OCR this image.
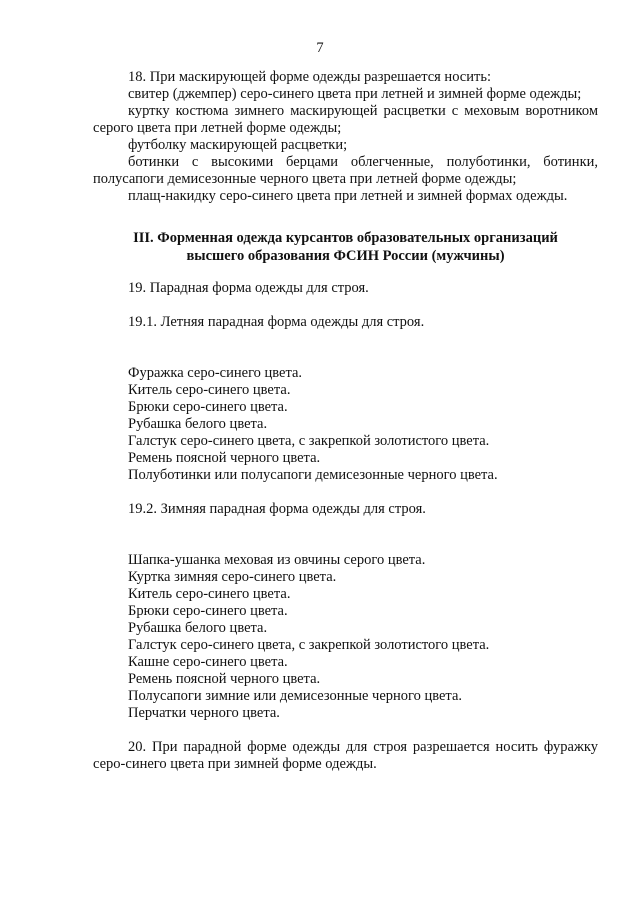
7

18. При маскирующей форме одежды разрешается носить:

свитер (джемпер) серо-синего цвета при летней и зимней форме одежды;

куртку костюма зимнего маскирующей расцветки с меховым воротником серого цвета при летней форме одежды;

футболку маскирующей расцветки;

ботинки с высокими берцами облегченные, полуботинки, ботинки, полусапоги демисезонные черного цвета при летней форме одежды;

плащ-накидку серо-синего цвета при летней и зимней формах одежды.

III. Форменная одежда курсантов образовательных организаций
высшего образования ФСИН России (мужчины)

19. Парадная форма одежды для строя.

19.1. Летняя парадная форма одежды для строя.

Фуражка серо-синего цвета.

Китель серо-синего цвета.

Брюки серо-синего цвета.

Рубашка белого цвета.

Галстук серо-синего цвета, с закрепкой золотистого цвета.

Ремень поясной черного цвета.

Полуботинки или полусапоги демисезонные черного цвета.

19.2. Зимняя парадная форма одежды для строя.

Шапка-ушанка меховая из овчины серого цвета.

Куртка зимняя серо-синего цвета.

Китель серо-синего цвета.

Брюки серо-синего цвета.

Рубашка белого цвета.

Галстук серо-синего цвета, с закрепкой золотистого цвета.

Кашне серо-синего цвета.

Ремень поясной черного цвета.

Полусапоги зимние или демисезонные черного цвета.

Перчатки черного цвета.

20. При парадной форме одежды для строя разрешается носить фуражку серо-синего цвета при зимней форме одежды.
